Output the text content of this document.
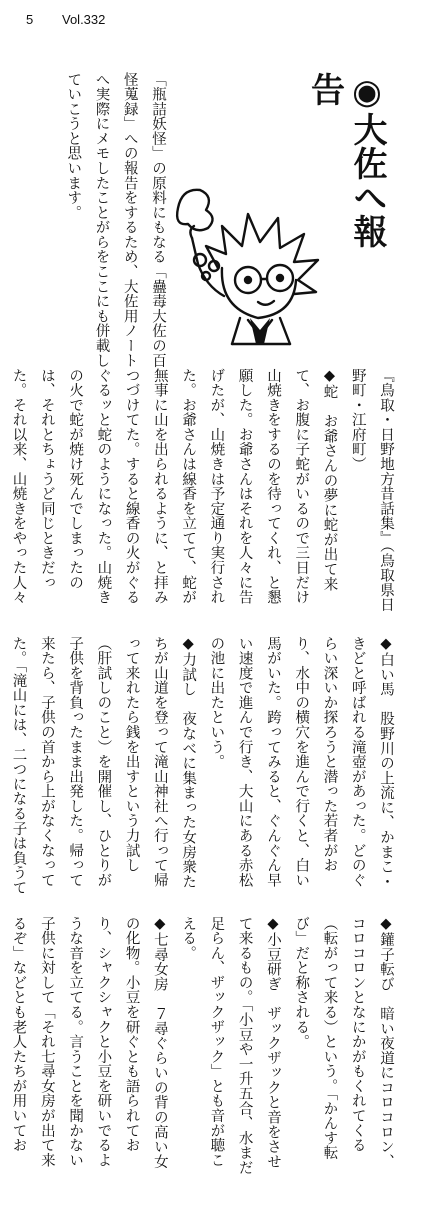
5 Vol.332
◉大佐へ報告
「瓶詰妖怪」の原料にもなる「蠱毒大佐の百怪蒐録」への報告をするため、大佐用ノートへ実際にメモしたことがらをここにも併載していこうと思います。
『鳥取・日野地方昔話集』（鳥取県日野町・江府町）
◆蛇　お爺さんの夢に蛇が出て来て、お腹に子蛇がいるので三日だけ山焼きをするのを待ってくれ、と懇願した。お爺さんはそれを人々に告げたが、山焼きは予定通り実行された。お爺さんは線香を立てて、蛇が無事に山を出られるように、と拝みつづけてた。すると線香の火がぐるぐるッと蛇のようになった。山焼きの火で蛇が焼け死んでしまったのは、それとちょうど同じときだった。それ以来、山焼きをやった人々
◆白い馬　股野川の上流に、かまこ・きどと呼ばれる滝壺があった。どのぐらい深いか探ろうと潜った若者がおり、水中の横穴を進んで行くと、白い馬がいた。跨ってみると、ぐんぐん早い速度で進んで行き、大山にある赤松の池に出たという。
◆力試し　夜なべに集まった女房衆たちが山道を登って滝山神社へ行って帰って来れたら銭を出すという力試し（肝試しのこと）を開催し、ひとりが子供を背負ったまま出発した。帰って来たら、子供の首から上がなくなってた。「滝山には、二つになる子は負うて
◆鑵子転び　暗い夜道にコロコロン、コロコロンとなにかがもくれてくる（転がって来る）という。「かんす転び」だと称される。
◆小豆研ぎ　ザックザックと音をさせて来るもの。「小豆や一升五合、水まだ足らん、ザックザック」とも音が聴こえる。
◆七尋女房　７尋ぐらいの背の高い女の化物。小豆を研ぐとも語られており、シャクシャクと小豆を研いでるような音を立てる。言うことを聞かない子供に対して「それ七尋女房が出て来るぞ」などとも老人たちが用いてお
